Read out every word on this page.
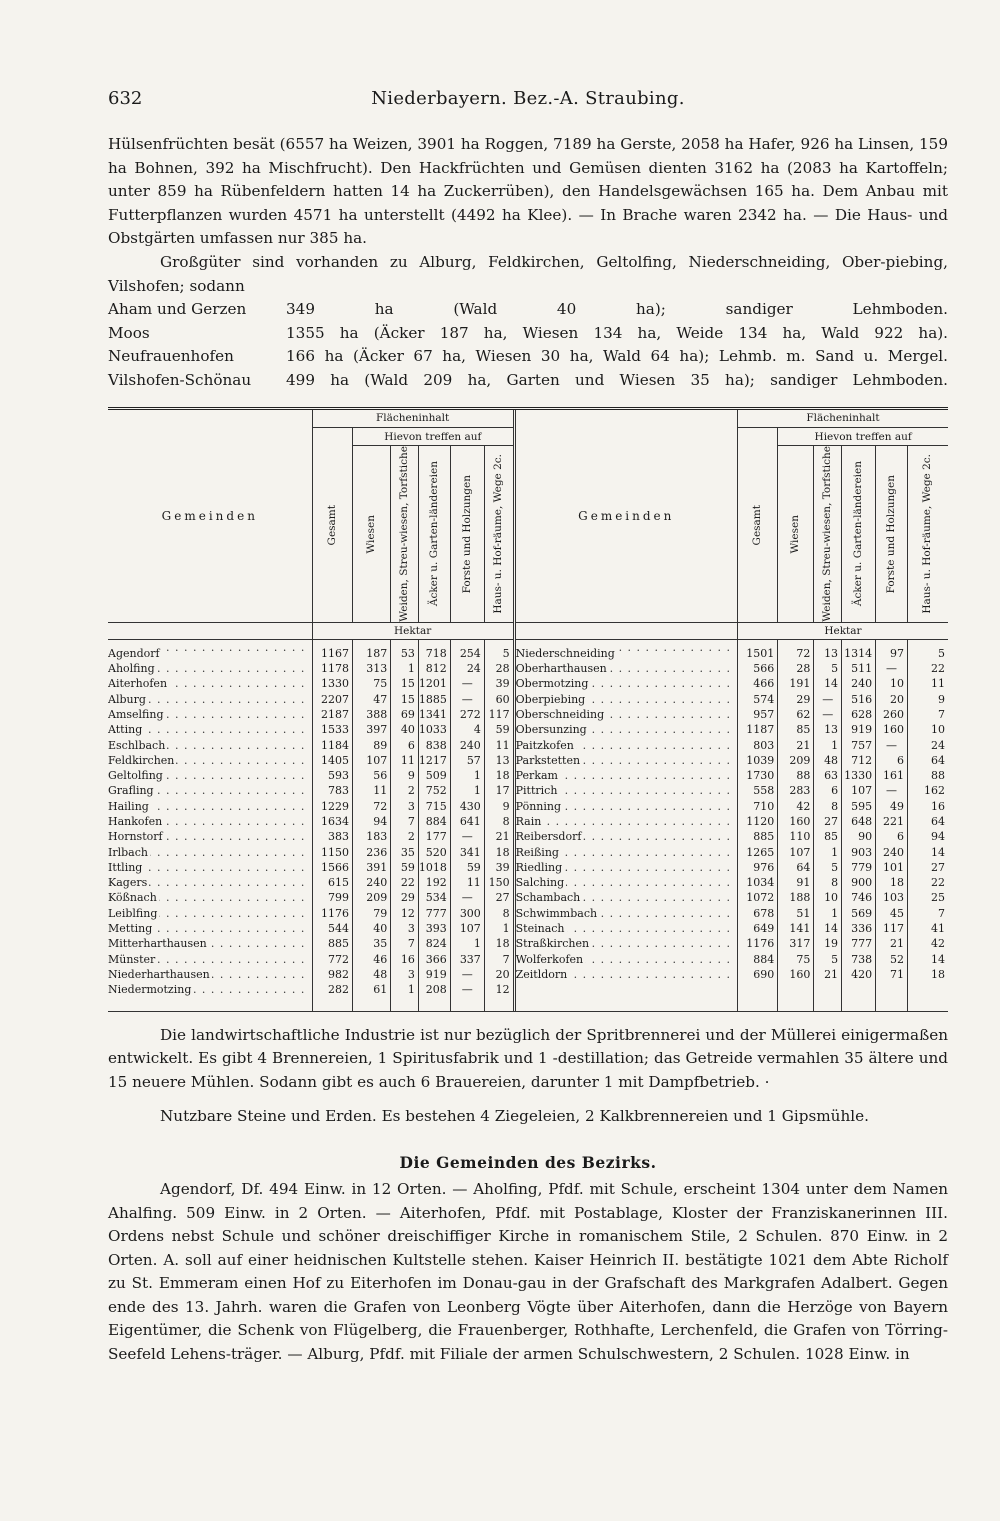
632	Niederbayern. Bez.-A. Straubing.

Hülsenfrüchten besät (6557 ha Weizen, 3901 ha Roggen, 7189 ha Gerste, 2058 ha Hafer, 926 ha Linsen, 159 ha Bohnen, 392 ha Mischfrucht). Den Hackfrüchten und Gemüsen dienten 3162 ha (2083 ha Kartoffeln; unter 859 ha Rübenfeldern hatten 14 ha Zuckerrüben), den Handelsgewächsen 165 ha. Dem Anbau mit Futterpflanzen wurden 4571 ha unterstellt (4492 ha Klee). — In Brache waren 2342 ha. — Die Haus- und Obstgärten umfassen nur 385 ha.

Großgüter sind vorhanden zu Alburg, Feldkirchen, Geltolfing, Niederschneiding, Ober-piebing, Vilshofen; sodann

Aham und Gerzen	349 ha (Wald 40 ha); sandiger Lehmboden.
Moos	1355 ha (Äcker 187 ha, Wiesen 134 ha, Weide 134 ha, Wald 922 ha).
Neufrauenhofen	166 ha (Äcker 67 ha, Wiesen 30 ha, Wald 64 ha); Lehmb. m. Sand u. Mergel.
Vilshofen-Schönau	499 ha (Wald 209 ha, Garten und Wiesen 35 ha); sandiger Lehmboden.
Gemeinden	Flächeninhalt						Gemeinden	Flächeninhalt					

	Gesamt	Hievon treffen auf						Gesamt	Hievon treffen auf				

		Wiesen	Weiden, Streu-wiesen, Torfstiche	Äcker u. Garten-ländereien	Forste und Holzungen	Haus- u. Hof-räume, Wege 2c.			Wiesen	Weiden, Streu-wiesen, Torfstiche	Äcker u. Garten-ländereien	Forste und Holzungen	Haus- u. Hof-räume, Wege 2c.

	Hektar							Hektar					
Agendorf . . .	1167	187	53	718	254	5	Niederschneiding . . .	1501	72	13	1314	97	5
Aholfing . . .	1178	313	1	812	24	28	Oberharthausen . . .	566	28	5	511	—	22
Aiterhofen . . .	1330	75	15	1201	—	39	Obermotzing . . .	466	191	14	240	10	11
Alburg . . .	2207	47	15	1885	—	60	Oberpiebing . . .	574	29	—	516	20	9
Amselfing . . .	2187	388	69	1341	272	117	Oberschneiding . . .	957	62	—	628	260	7
Atting . . .	1533	397	40	1033	4	59	Obersunzing . . .	1187	85	13	919	160	10
Eschlbach . . .	1184	89	6	838	240	11	Paitzkofen . . .	803	21	1	757	—	24
Feldkirchen . . .	1405	107	11	1217	57	13	Parkstetten . . .	1039	209	48	712	6	64
Geltolfing . . .	593	56	9	509	1	18	Perkam . . .	1730	88	63	1330	161	88
Grafling . . .	783	11	2	752	1	17	Pittrich . . .	558	283	6	107	—	162
Hailing . . .	1229	72	3	715	430	9	Pönning . . .	710	42	8	595	49	16
Hankofen . . .	1634	94	7	884	641	8	Rain . . .	1120	160	27	648	221	64
Hornstorf . . .	383	183	2	177	—	21	Reibersdorf . . .	885	110	85	90	6	94
Irlbach . . .	1150	236	35	520	341	18	Reißing . . .	1265	107	1	903	240	14
Ittling . . .	1566	391	59	1018	59	39	Riedling . . .	976	64	5	779	101	27
Kagers . . .	615	240	22	192	11	150	Salching . . .	1034	91	8	900	18	22
Kößnach . . .	799	209	29	534	—	27	Schambach . . .	1072	188	10	746	103	25
Leiblfing . . .	1176	79	12	777	300	8	Schwimmbach . . .	678	51	1	569	45	7
Metting . . .	544	40	3	393	107	1	Steinach . . .	649	141	14	336	117	41
Mitterharthausen . . .	885	35	7	824	1	18	Straßkirchen . . .	1176	317	19	777	21	42
Münster . . .	772	46	16	366	337	7	Wolferkofen . . .	884	75	5	738	52	14
Niederharthausen . . .	982	48	3	919	—	20	Zeitldorn . . .	690	160	21	420	71	18
Niedermotzing . . .	282	61	1	208	—	12							

Die landwirtschaftliche Industrie ist nur bezüglich der Spritbrennerei und der Müllerei einigermaßen entwickelt. Es gibt 4 Brennereien, 1 Spiritusfabrik und 1 -destillation; das Getreide vermahlen 35 ältere und 15 neuere Mühlen. Sodann gibt es auch 6 Brauereien, darunter 1 mit Dampfbetrieb. ·

Nutzbare Steine und Erden. Es bestehen 4 Ziegeleien, 2 Kalkbrennereien und 1 Gipsmühle.

Die Gemeinden des Bezirks.

Agendorf, Df. 494 Einw. in 12 Orten. — Aholfing, Pfdf. mit Schule, erscheint 1304 unter dem Namen Ahalfing. 509 Einw. in 2 Orten. — Aiterhofen, Pfdf. mit Postablage, Kloster der Franziskanerinnen III. Ordens nebst Schule und schöner dreischiffiger Kirche in romanischem Stile, 2 Schulen. 870 Einw. in 2 Orten. A. soll auf einer heidnischen Kultstelle stehen. Kaiser Heinrich II. bestätigte 1021 dem Abte Richolf zu St. Emmeram einen Hof zu Eiterhofen im Donau-gau in der Grafschaft des Markgrafen Adalbert. Gegen ende des 13. Jahrh. waren die Grafen von Leonberg Vögte über Aiterhofen, dann die Herzöge von Bayern Eigentümer, die Schenk von Flügelberg, die Frauenberger, Rothhafte, Lerchenfeld, die Grafen von Törring-Seefeld Lehens-träger. — Alburg, Pfdf. mit Filiale der armen Schulschwestern, 2 Schulen. 1028 Einw. in
